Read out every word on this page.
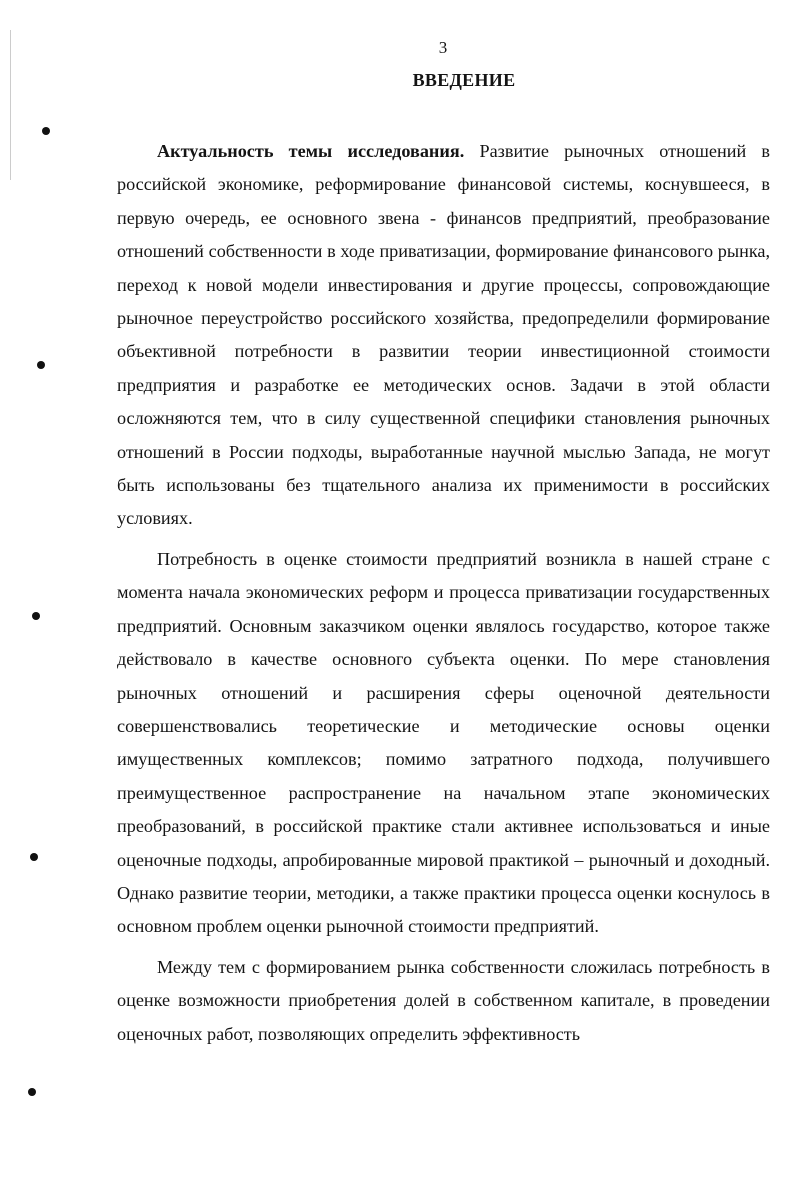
3
ВВЕДЕНИЕ

Актуальность темы исследования. Развитие рыночных отношений в российской экономике, реформирование финансовой системы, коснувшееся, в первую очередь, ее основного звена - финансов предприятий, преобразование отношений собственности в ходе приватизации, формирование финансового рынка, переход к новой модели инвестирования и другие процессы, сопровождающие рыночное переустройство российского хозяйства, предопределили формирование объективной потребности в развитии теории инвестиционной стоимости предприятия и разработке ее методических основ. Задачи в этой области осложняются тем, что в силу существенной специфики становления рыночных отношений в России подходы, выработанные научной мыслью Запада, не могут быть использованы без тщательного анализа их применимости в российских условиях.

Потребность в оценке стоимости предприятий возникла в нашей стране с момента начала экономических реформ и процесса приватизации государственных предприятий. Основным заказчиком оценки являлось государство, которое также действовало в качестве основного субъекта оценки. По мере становления рыночных отношений и расширения сферы оценочной деятельности совершенствовались теоретические и методические основы оценки имущественных комплексов; помимо затратного подхода, получившего преимущественное распространение на начальном этапе экономических преобразований, в российской практике стали активнее использоваться и иные оценочные подходы, апробированные мировой практикой – рыночный и доходный. Однако развитие теории, методики, а также практики процесса оценки коснулось в основном проблем оценки рыночной стоимости предприятий.

Между тем с формированием рынка собственности сложилась потребность в оценке возможности приобретения долей в собственном капитале, в проведении оценочных работ, позволяющих определить эффективность
